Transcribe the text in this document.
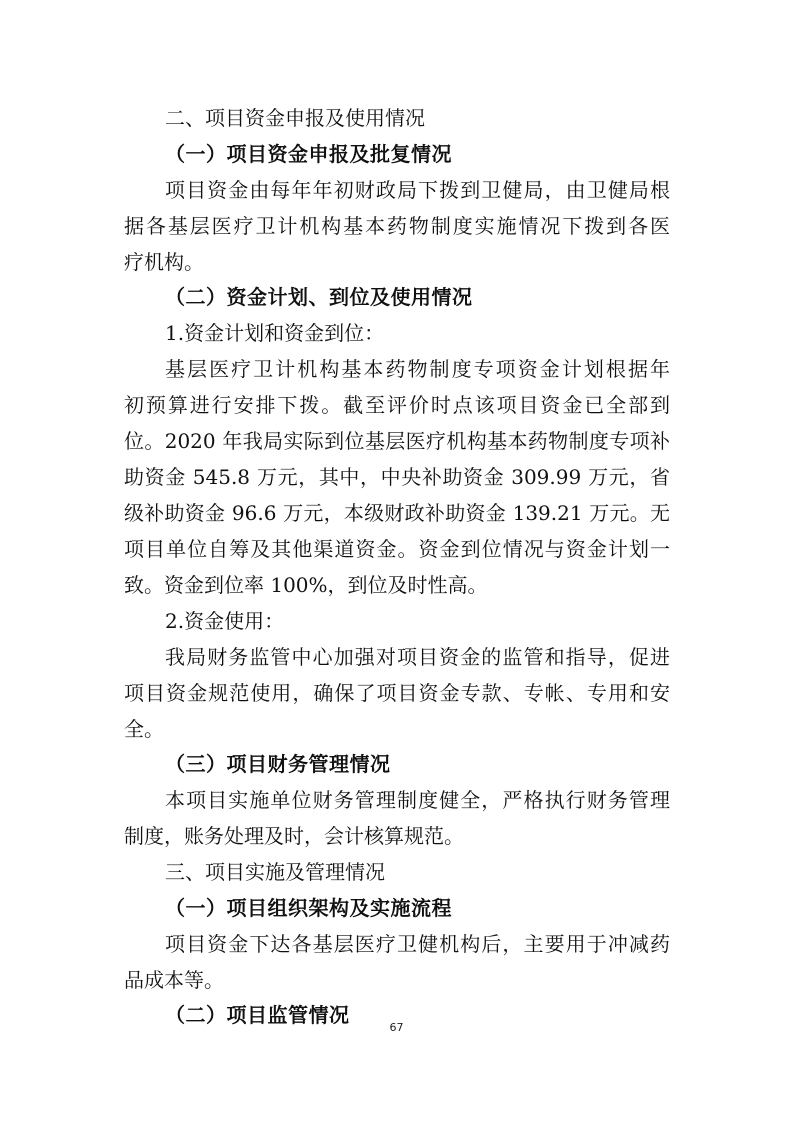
二、项目资金申报及使用情况
（一）项目资金申报及批复情况
项目资金由每年年初财政局下拨到卫健局，由卫健局根
据各基层医疗卫计机构基本药物制度实施情况下拨到各医
疗机构。
（二）资金计划、到位及使用情况
1.资金计划和资金到位：
基层医疗卫计机构基本药物制度专项资金计划根据年
初预算进行安排下拨。截至评价时点该项目资金已全部到
位。2020 年我局实际到位基层医疗机构基本药物制度专项补
助资金 545.8 万元，其中，中央补助资金 309.99 万元，省
级补助资金 96.6 万元，本级财政补助资金 139.21 万元。无
项目单位自筹及其他渠道资金。资金到位情况与资金计划一
致。资金到位率 100%，到位及时性高。
2.资金使用：
我局财务监管中心加强对项目资金的监管和指导，促进
项目资金规范使用，确保了项目资金专款、专帐、专用和安
全。
（三）项目财务管理情况
本项目实施单位财务管理制度健全，严格执行财务管理
制度，账务处理及时，会计核算规范。
三、项目实施及管理情况
（一）项目组织架构及实施流程
项目资金下达各基层医疗卫健机构后，主要用于冲减药
品成本等。
（二）项目监管情况
67
